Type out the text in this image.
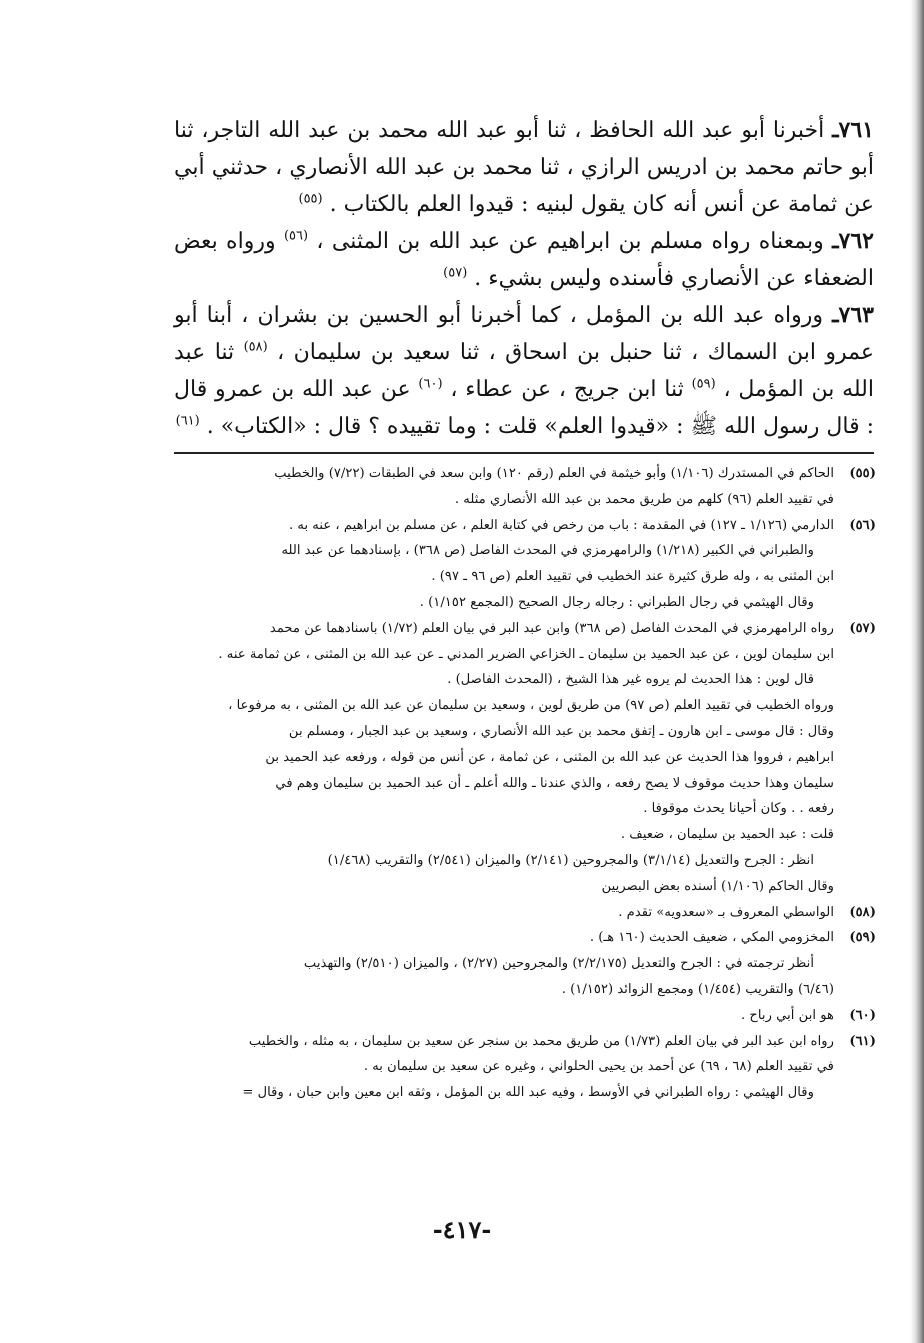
٧٦١ـ أخبرنا أبو عبد الله الحافظ ، ثنا أبو عبد الله محمد بن عبد الله التاجر، ثنا أبو حاتم محمد بن ادريس الرازي ، ثنا محمد بن عبد الله الأنصاري ، حدثني أبي عن ثمامة عن أنس أنه كان يقول لبنيه : قيدوا العلم بالكتاب . $^{(٥٥)}$

٧٦٢ـ وبمعناه رواه مسلم بن ابراهيم عن عبد الله بن المثنى ، $^{(٥٦)}$ ورواه بعض الضعفاء عن الأنصاري فأسنده وليس بشيء . $^{(٥٧)}$

٧٦٣ـ ورواه عبد الله بن المؤمل ، كما أخبرنا أبو الحسين بن بشران ، أبنا أبو عمرو ابن السماك ، ثنا حنبل بن اسحاق ، ثنا سعيد بن سليمان ، $^{(٥٨)}$ ثنا عبد الله بن المؤمل ، $^{(٥٩)}$ ثنا ابن جريج ، عن عطاء ، $^{(٦٠)}$ عن عبد الله بن عمرو قال : قال رسول الله ﷺ : «قيدوا العلم» قلت : وما تقييده ؟ قال : «الكتاب» . $^{(٦١)}$

(٥٥)
الحاكم في المستدرك (١/١٠٦) وأبو خيثمة في العلم (رقم ١٢٠) وابن سعد في الطبقات (٧/٢٢) والخطيب
في تقييد العلم (٩٦) كلهم من طريق محمد بن عبد الله الأنصاري مثله .
(٥٦)
الدارمي (١/١٢٦ ـ ١٢٧) في المقدمة : باب من رخص في كتابة العلم ، عن مسلم بن ابراهيم ، عنه به .
والطبراني في الكبير (١/٢١٨) والرامهرمزي في المحدث الفاصل (ص ٣٦٨) ، بإسنادهما عن عبد الله
ابن المثنى به ، وله طرق كثيرة عند الخطيب في تقييد العلم (ص ٩٦ ـ ٩٧) .
وقال الهيثمي في رجال الطبراني : رجاله رجال الصحيح (المجمع ١/١٥٢) .
(٥٧)
رواه الرامهرمزي في المحدث الفاصل (ص ٣٦٨) وابن عبد البر في بيان العلم (١/٧٢) باسنادهما عن محمد
ابن سليمان لوين ، عن عبد الحميد بن سليمان ـ الخزاعي الضرير المدني ـ عن عبد الله بن المثنى ، عن ثمامة عنه .
قال لوين : هذا الحديث لم يروه غير هذا الشيخ ، (المحدث الفاصل) .
ورواه الخطيب في تقييد العلم (ص ٩٧) من طريق لوين ، وسعيد بن سليمان عن عبد الله بن المثنى ، به مرفوعا ،
وقال : قال موسى ـ ابن هارون ـ إتفق محمد بن عبد الله الأنصاري ، وسعيد بن عبد الجبار ، ومسلم بن
ابراهيم ، فرووا هذا الحديث عن عبد الله بن المثنى ، عن ثمامة ، عن أنس من قوله ، ورفعه عبد الحميد بن
سليمان وهذا حديث موقوف لا يصح رفعه ، والذي عندنا ـ والله أعلم ـ أن عبد الحميد بن سليمان وهم في
رفعه . . وكان أحيانا يحدث موقوفا .
قلت : عبد الحميد بن سليمان ، ضعيف .
انظر : الجرح والتعديل (٣/١/١٤) والمجروحين (٢/١٤١) والميزان (٢/٥٤١) والتقريب (١/٤٦٨)
وقال الحاكم (١/١٠٦) أسنده بعض البصريين
(٥٨)
الواسطي المعروف بـ «سعدويه» تقدم .
(٥٩)
المخزومي المكي ، ضعيف الحديث (١٦٠ هـ) .
أنظر ترجمته في : الجرح والتعديل (٢/٢/١٧٥) والمجروحين (٢/٢٧) ، والميزان (٢/٥١٠) والتهذيب
(٦/٤٦) والتقريب (١/٤٥٤) ومجمع الزوائد (١/١٥٢) .
(٦٠)
هو ابن أبي رباح .
(٦١)
رواه ابن عبد البر في بيان العلم (١/٧٣) من طريق محمد بن سنجر عن سعيد بن سليمان ، به مثله ، والخطيب
في تقييد العلم (٦٨ ، ٦٩) عن أحمد بن يحيى الحلواني ، وغيره عن سعيد بن سليمان به .
وقال الهيثمي : رواه الطبراني في الأوسط ، وفيه عبد الله بن المؤمل ، وثقه ابن معين وابن حبان ، وقال =
-٤١٧-
